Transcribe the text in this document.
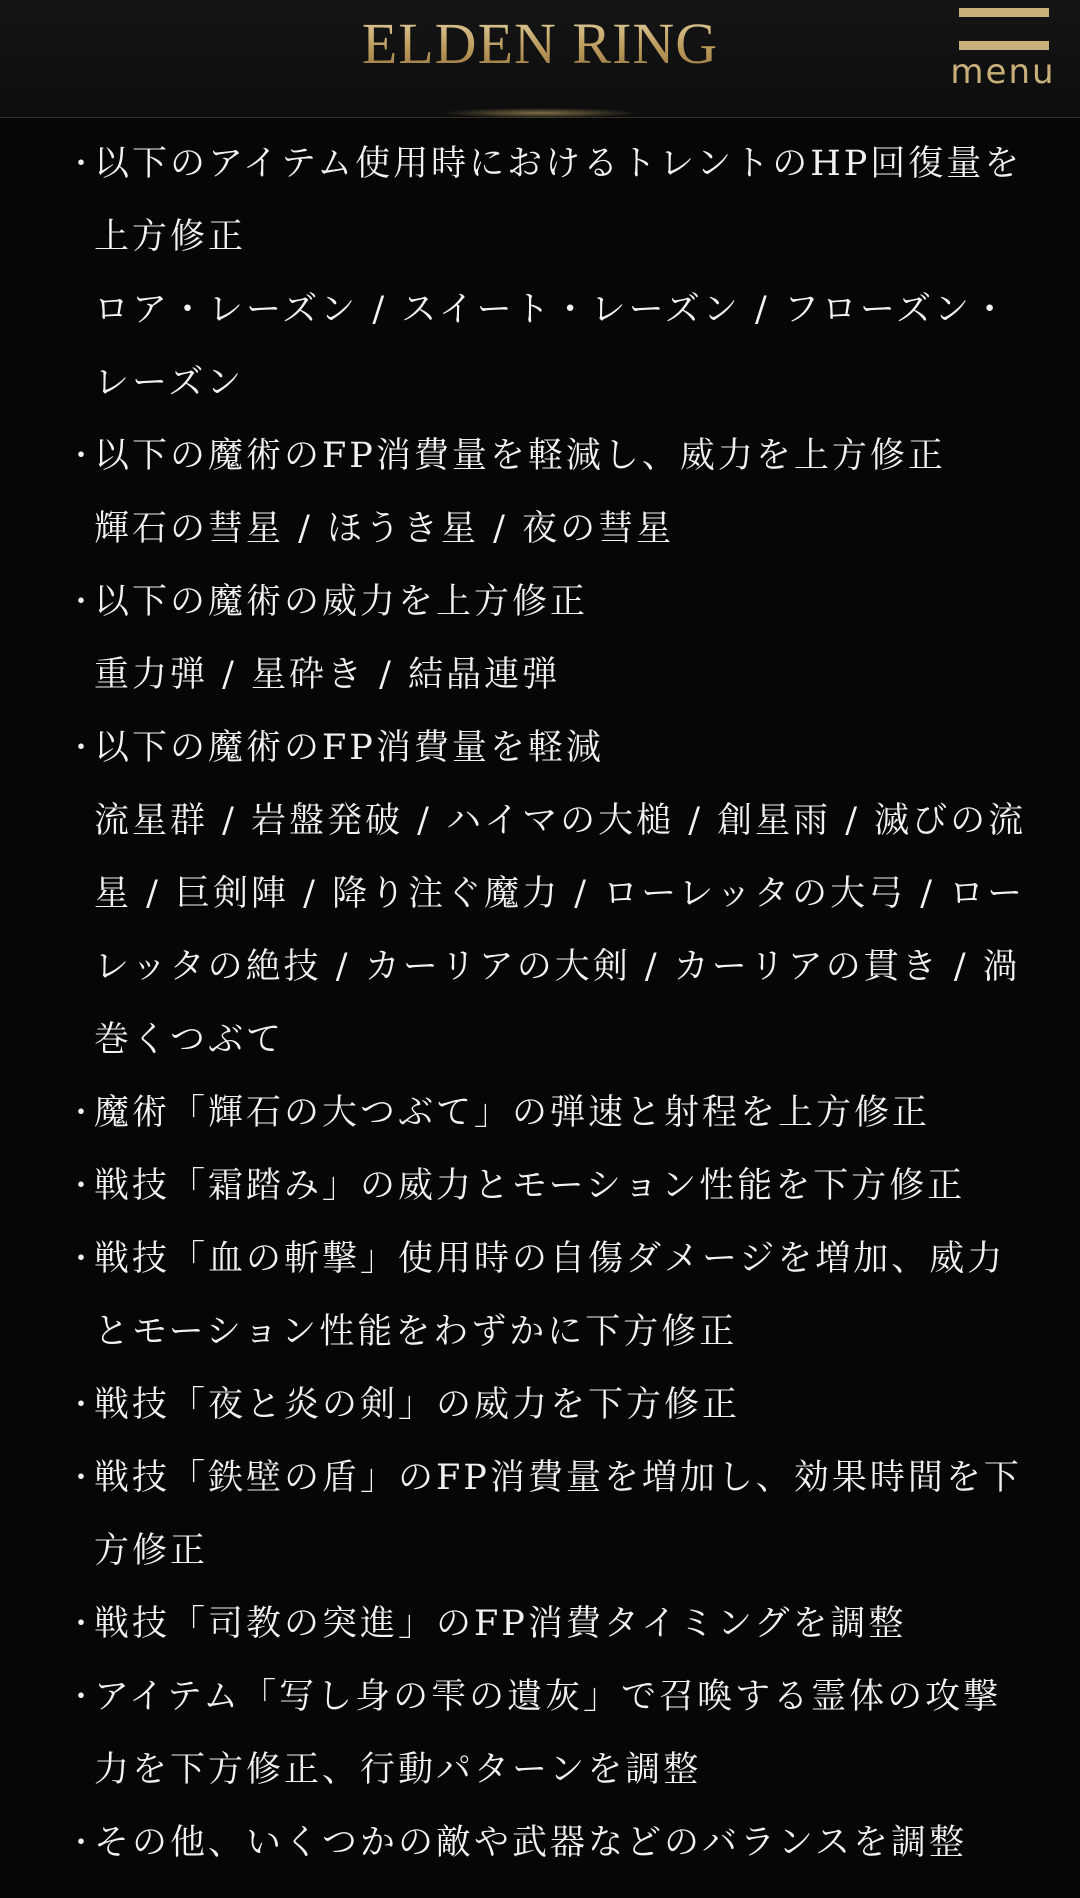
ELDEN RING	menu
・
以下のアイテム使用時におけるトレントのHP回復量を上方修正
ロア・レーズン / スイート・レーズン / フローズン・レーズン
・
以下の魔術のFP消費量を軽減し、威力を上方修正
輝石の彗星 / ほうき星 / 夜の彗星
・
以下の魔術の威力を上方修正
重力弾 / 星砕き / 結晶連弾
・
以下の魔術のFP消費量を軽減
流星群 / 岩盤発破 / ハイマの大槌 / 創星雨 / 滅びの流星 / 巨剣陣 / 降り注ぐ魔力 / ローレッタの大弓 / ローレッタの絶技 / カーリアの大剣 / カーリアの貫き / 渦巻くつぶて
・
魔術「輝石の大つぶて」の弾速と射程を上方修正
・
戦技「霜踏み」の威力とモーション性能を下方修正
・
戦技「血の斬撃」使用時の自傷ダメージを増加、威力とモーション性能をわずかに下方修正
・
戦技「夜と炎の剣」の威力を下方修正
・
戦技「鉄壁の盾」のFP消費量を増加し、効果時間を下方修正
・
戦技「司教の突進」のFP消費タイミングを調整
・
アイテム「写し身の雫の遺灰」で召喚する霊体の攻撃力を下方修正、行動パターンを調整
・
その他、いくつかの敵や武器などのバランスを調整
